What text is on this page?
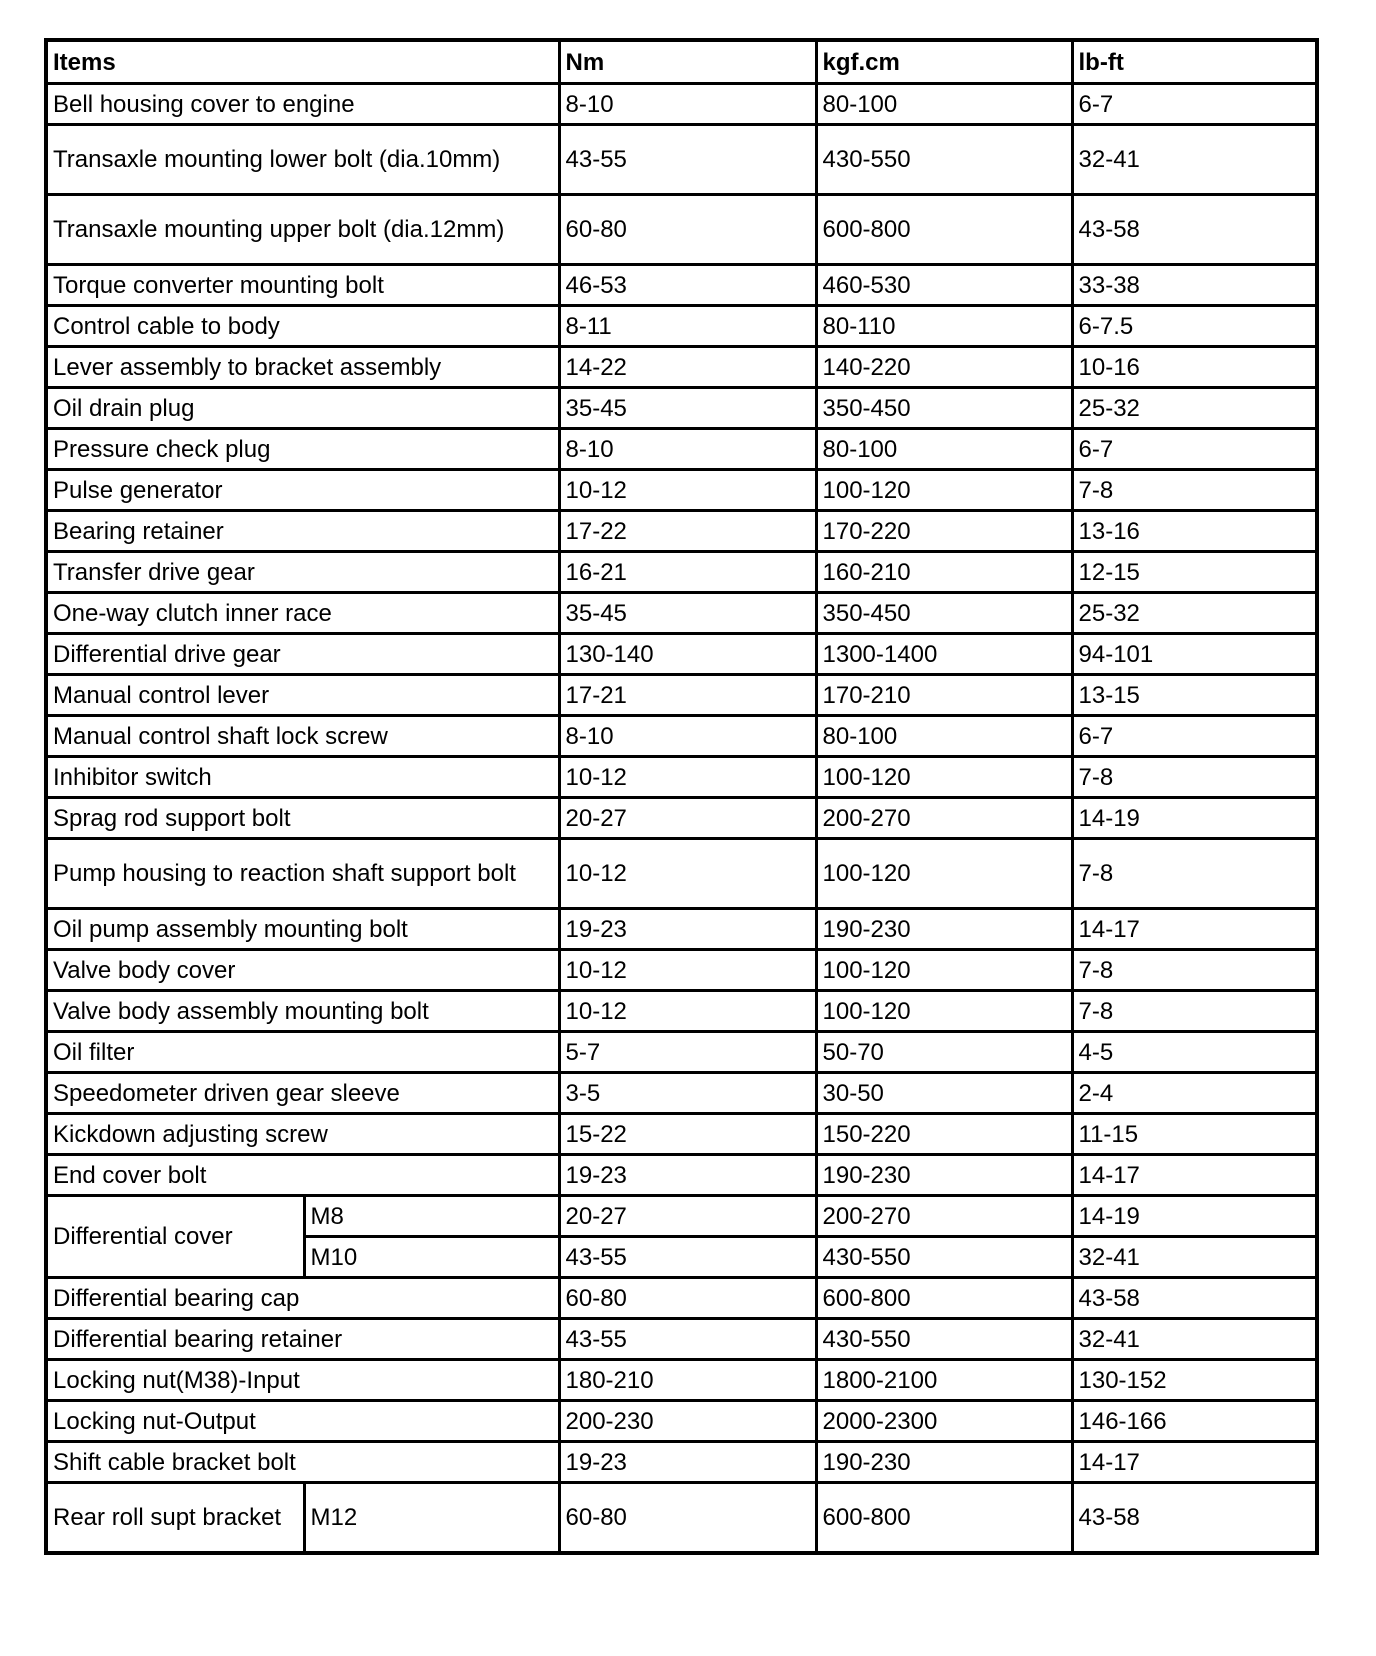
Items		Nm	kgf.cm	lb-ft
Bell housing cover to engine		8-10	80-100	6-7
Transaxle mounting lower bolt (dia.10mm)		43-55	430-550	32-41
Transaxle mounting upper bolt (dia.12mm)		60-80	600-800	43-58
Torque converter mounting bolt		46-53	460-530	33-38
Control cable to body		8-11	80-110	6-7.5
Lever assembly to bracket assembly		14-22	140-220	10-16
Oil drain plug		35-45	350-450	25-32
Pressure check plug		8-10	80-100	6-7
Pulse generator		10-12	100-120	7-8
Bearing retainer		17-22	170-220	13-16
Transfer drive gear		16-21	160-210	12-15
One-way clutch inner race		35-45	350-450	25-32
Differential drive gear		130-140	1300-1400	94-101
Manual control lever		17-21	170-210	13-15
Manual control shaft lock screw		8-10	80-100	6-7
Inhibitor switch		10-12	100-120	7-8
Sprag rod support bolt		20-27	200-270	14-19
Pump housing to reaction shaft support bolt		10-12	100-120	7-8
Oil pump assembly mounting bolt		19-23	190-230	14-17
Valve body cover		10-12	100-120	7-8
Valve body assembly mounting bolt		10-12	100-120	7-8
Oil filter		5-7	50-70	4-5
Speedometer driven gear sleeve		3-5	30-50	2-4
Kickdown adjusting screw		15-22	150-220	11-15
End cover bolt		19-23	190-230	14-17
Differential cover	M8	20-27	200-270	14-19
	M10	43-55	430-550	32-41
Differential bearing cap		60-80	600-800	43-58
Differential bearing retainer		43-55	430-550	32-41
Locking nut(M38)-Input		180-210	1800-2100	130-152
Locking nut-Output		200-230	2000-2300	146-166
Shift cable bracket bolt		19-23	190-230	14-17
Rear roll supt bracket	M12	60-80	600-800	43-58
